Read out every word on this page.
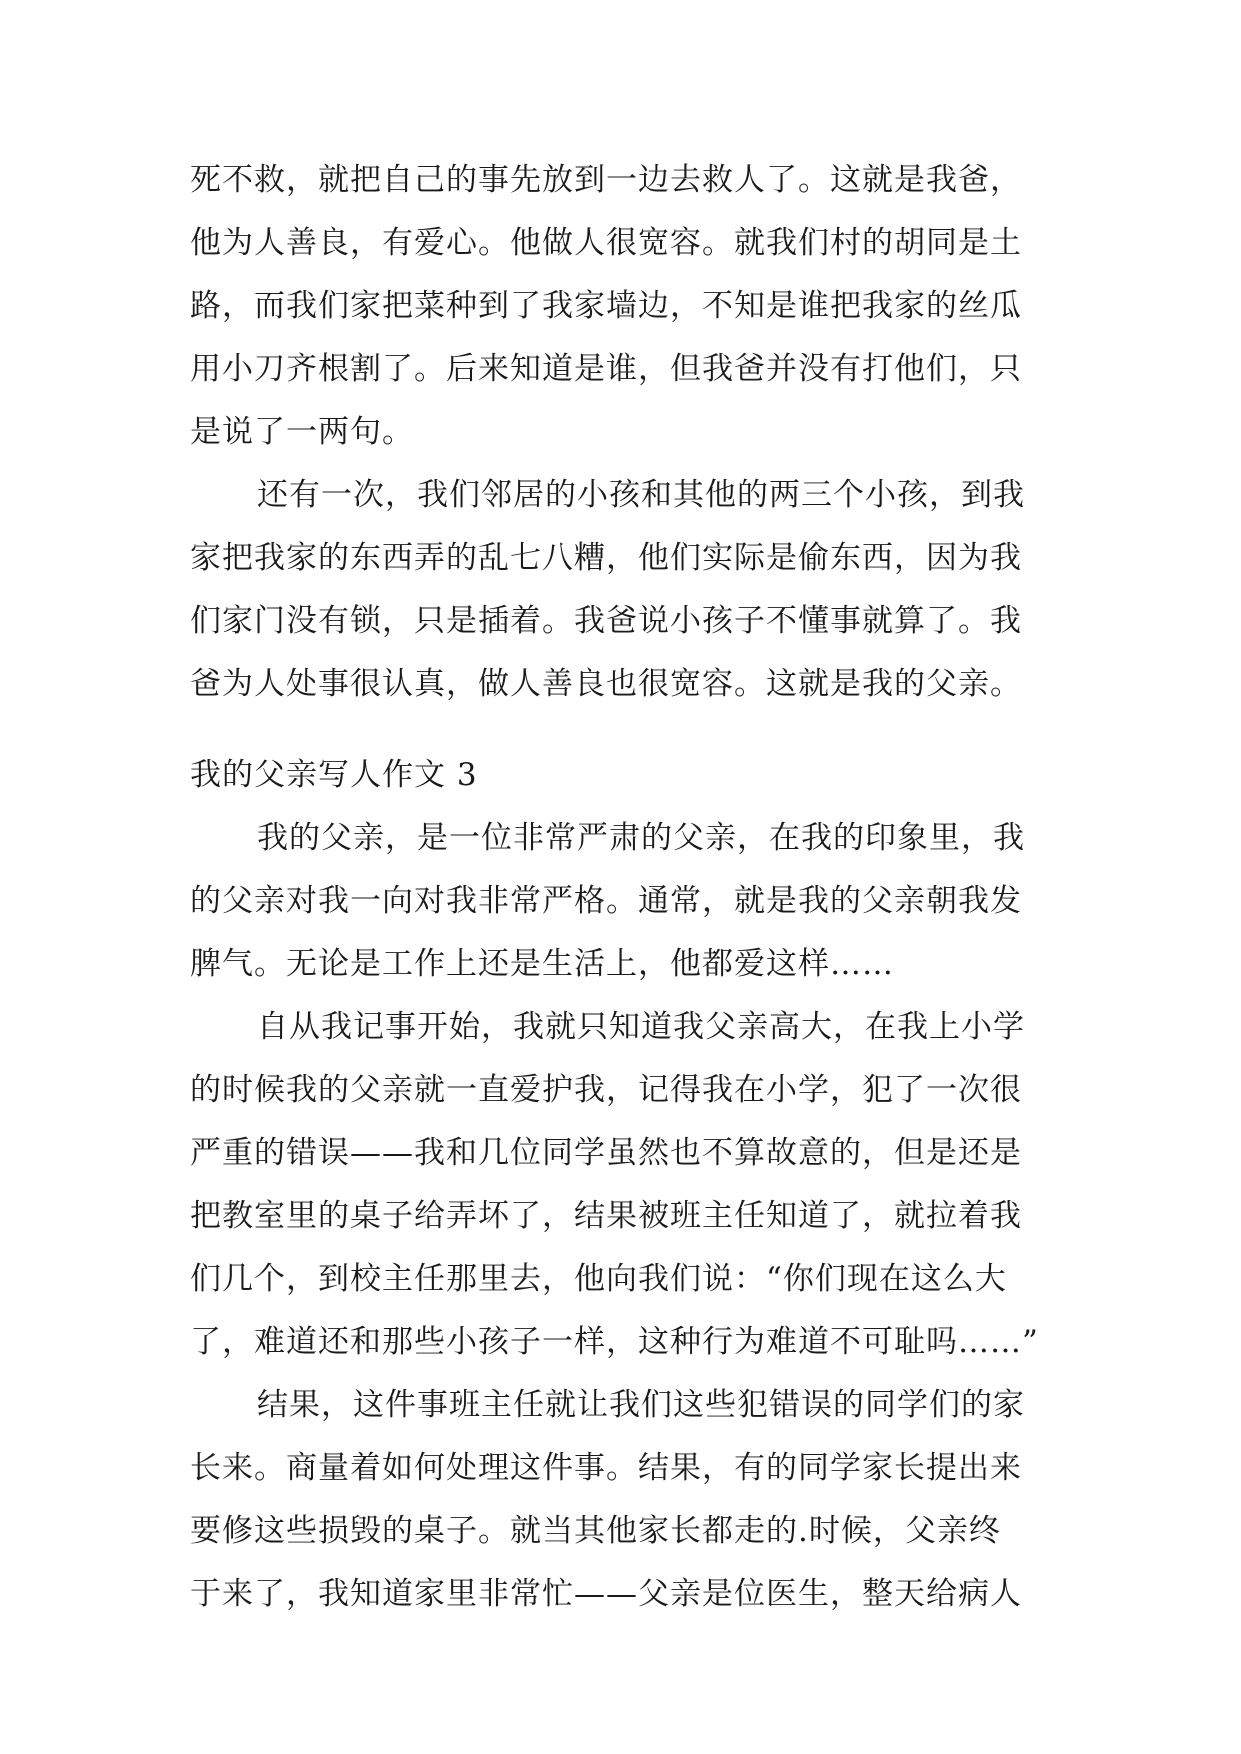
死不救，就把自己的事先放到一边去救人了。这就是我爸，

他为人善良，有爱心。他做人很宽容。就我们村的胡同是土

路，而我们家把菜种到了我家墙边，不知是谁把我家的丝瓜

用小刀齐根割了。后来知道是谁，但我爸并没有打他们，只

是说了一两句。

还有一次，我们邻居的小孩和其他的两三个小孩，到我

家把我家的东西弄的乱七八糟，他们实际是偷东西，因为我

们家门没有锁，只是插着。我爸说小孩子不懂事就算了。我

爸为人处事很认真，做人善良也很宽容。这就是我的父亲。

我的父亲写人作文 3

我的父亲，是一位非常严肃的父亲，在我的印象里，我

的父亲对我一向对我非常严格。通常，就是我的父亲朝我发

脾气。无论是工作上还是生活上，他都爱这样……

自从我记事开始，我就只知道我父亲高大，在我上小学

的时候我的父亲就一直爱护我，记得我在小学，犯了一次很

严重的错误——我和几位同学虽然也不算故意的，但是还是

把教室里的桌子给弄坏了，结果被班主任知道了，就拉着我

们几个，到校主任那里去，他向我们说：“你们现在这么大

了，难道还和那些小孩子一样，这种行为难道不可耻吗……”

结果，这件事班主任就让我们这些犯错误的同学们的家

长来。商量着如何处理这件事。结果，有的同学家长提出来

要修这些损毁的桌子。就当其他家长都走的.时候，父亲终

于来了，我知道家里非常忙——父亲是位医生，整天给病人
